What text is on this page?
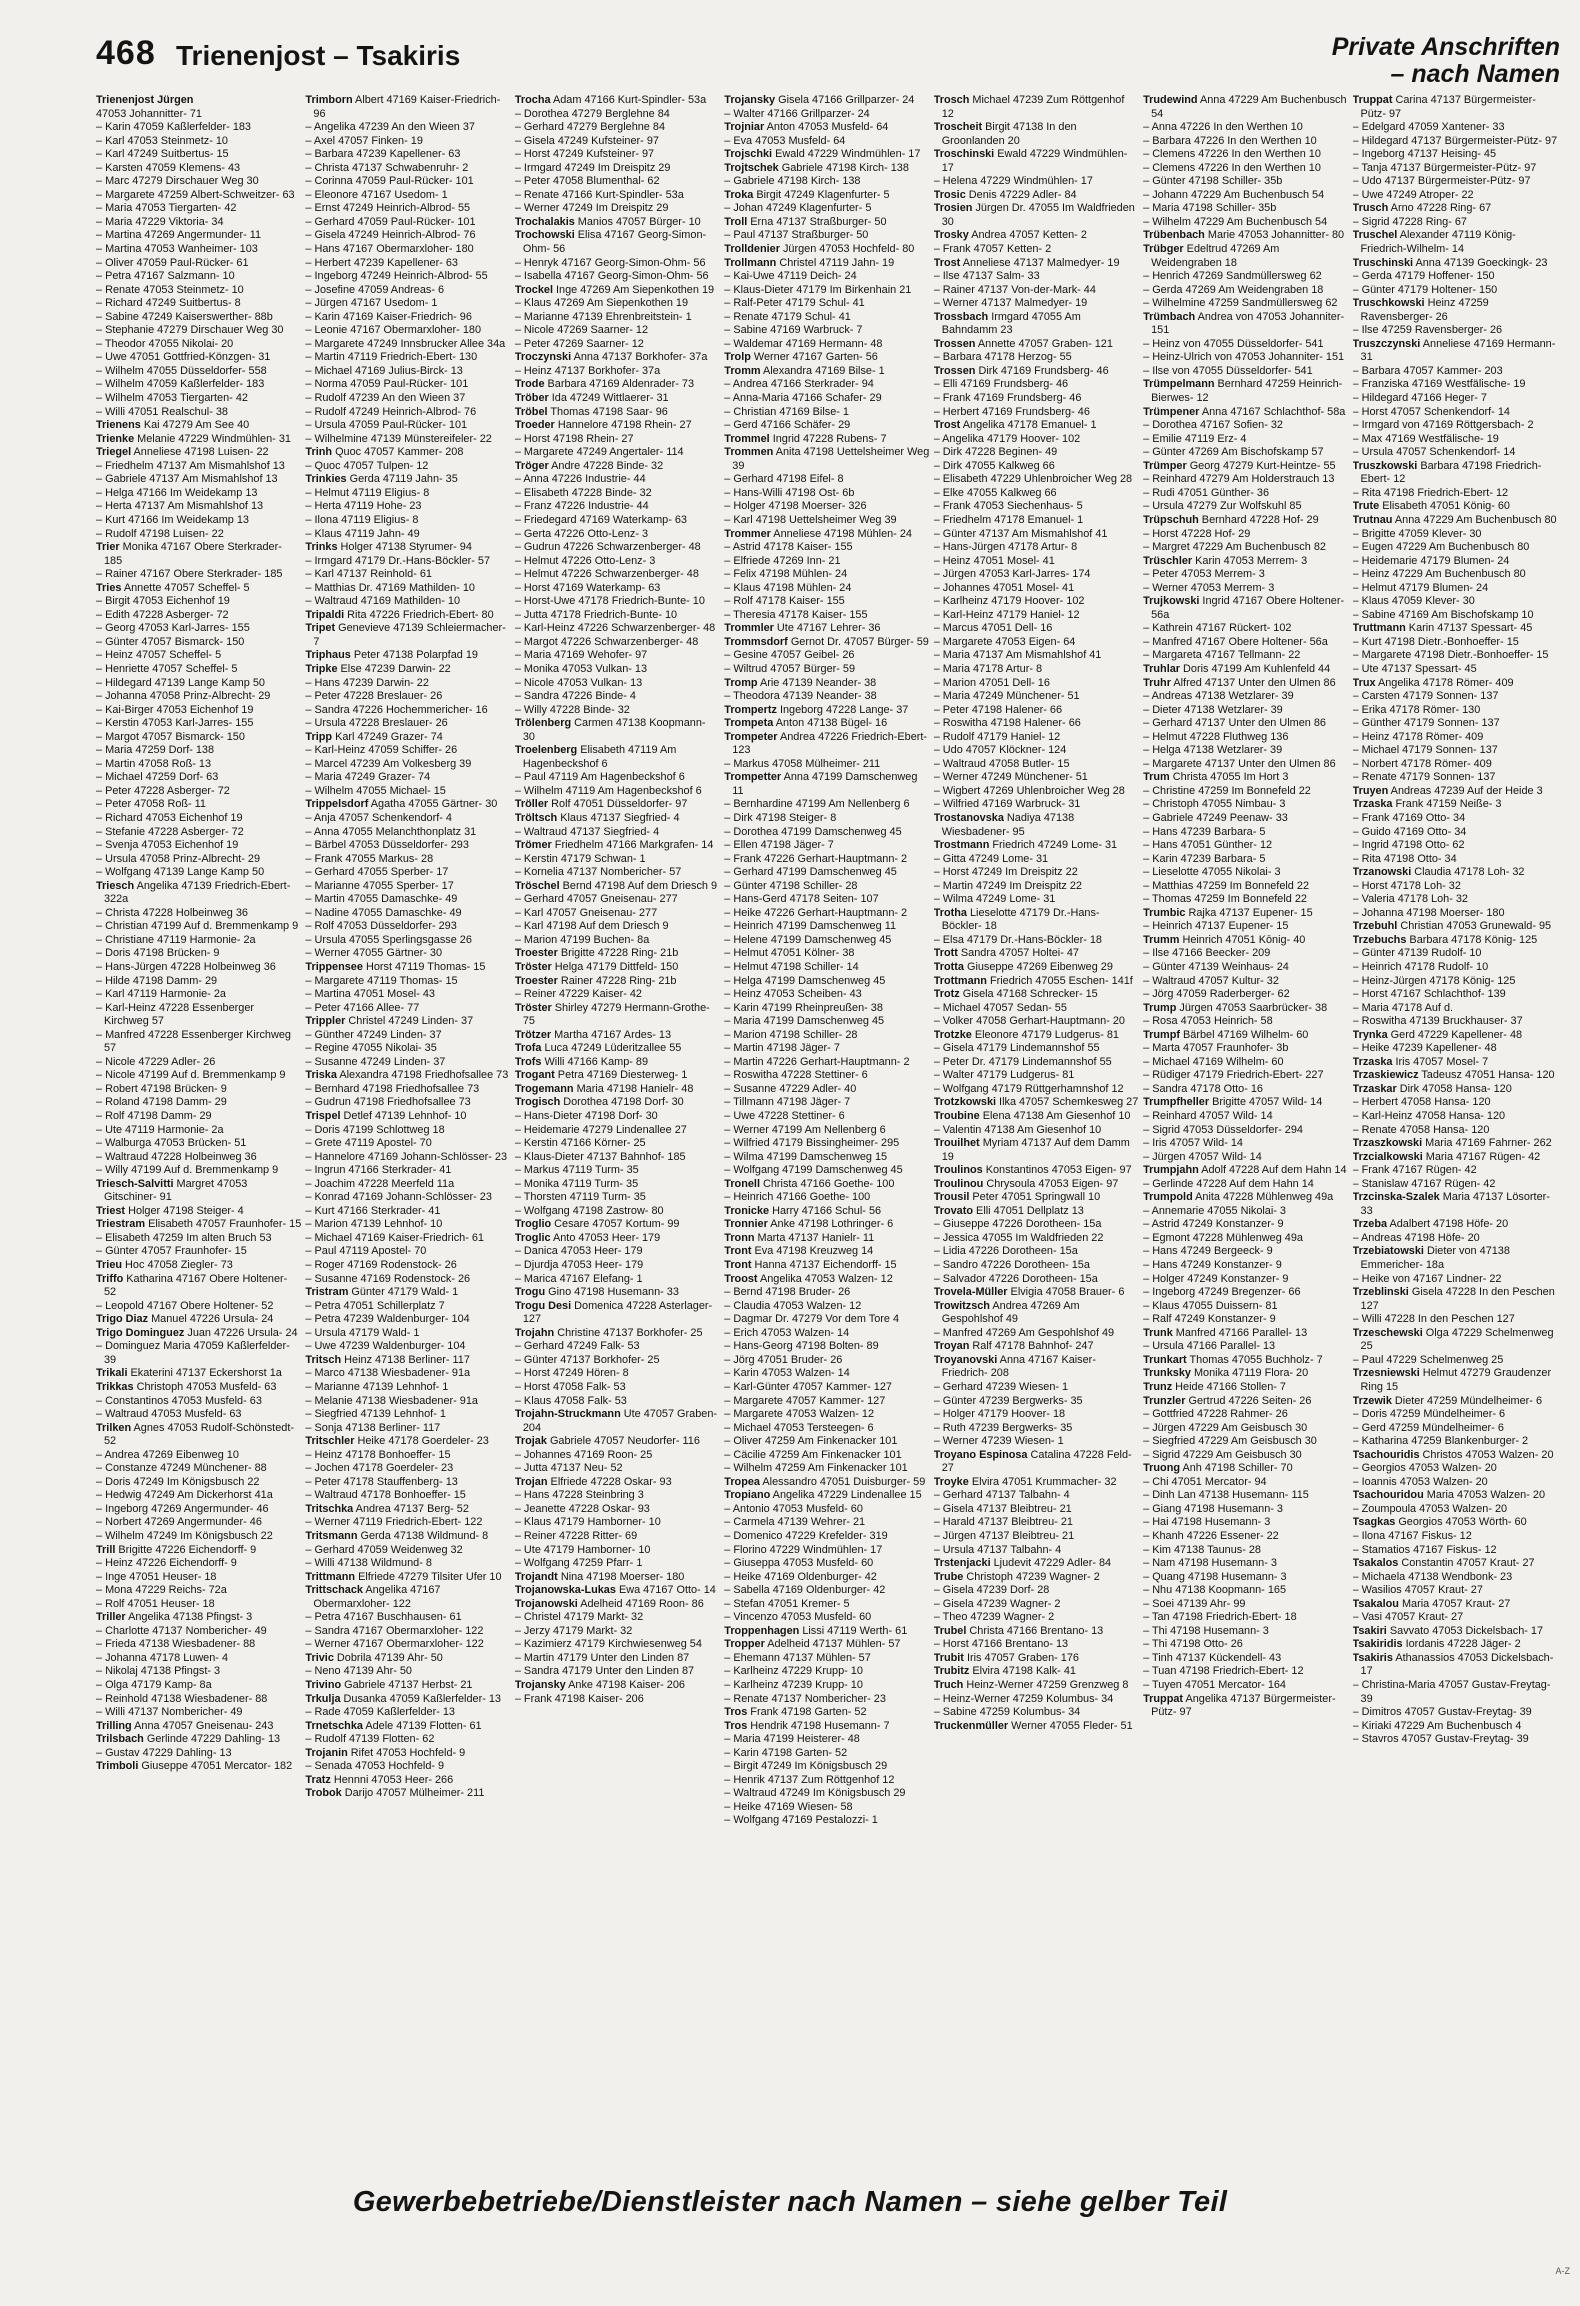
468 Trienenjost – Tsakiris	Private Anschriften
– nach Namen
Trienenjost Jürgen
47053 Johannitter- 71
– Karin 47059 Kaßlerfelder- 183
– Karl 47053 Steinmetz- 10
– Karl 47249 Suitbertus- 15
– Karsten 47059 Klemens- 43
– Marc 47279 Dirschauer Weg 30
– Margarete 47259 Albert-Schweitzer- 63
– Maria 47053 Tiergarten- 42
– Maria 47229 Viktoria- 34
– Martina 47269 Angermunder- 11
– Martina 47053 Wanheimer- 103
– Oliver 47059 Paul-Rücker- 61
– Petra 47167 Salzmann- 10
– Renate 47053 Steinmetz- 10
– Richard 47249 Suitbertus- 8
– Sabine 47249 Kaiserswerther- 88b
– Stephanie 47279 Dirschauer Weg 30
– Theodor 47055 Nikolai- 20
– Uwe 47051 Gottfried-Könzgen- 31
– Wilhelm 47055 Düsseldorfer- 558
– Wilhelm 47059 Kaßlerfelder- 183
– Wilhelm 47053 Tiergarten- 42
– Willi 47051 Realschul- 38
Trienens Kai 47279 Am See 40
Trienke Melanie 47229 Windmühlen- 31
Triegel Anneliese 47198 Luisen- 22
– Friedhelm 47137 Am Mismahlshof 13
– Gabriele 47137 Am Mismahlshof 13
– Helga 47166 Im Weidekamp 13
– Herta 47137 Am Mismahlshof 13
– Kurt 47166 Im Weidekamp 13
– Rudolf 47198 Luisen- 22
Trier Monika 47167 Obere Sterkrader- 185
– Rainer 47167 Obere Sterkrader- 185
Tries Annette 47057 Scheffel- 5
– Birgit 47053 Eichenhof 19
– Edith 47228 Asberger- 72
– Georg 47053 Karl-Jarres- 155
– Günter 47057 Bismarck- 150
– Heinz 47057 Scheffel- 5
– Henriette 47057 Scheffel- 5
– Hildegard 47139 Lange Kamp 50
– Johanna 47058 Prinz-Albrecht- 29
– Kai-Birger 47053 Eichenhof 19
– Kerstin 47053 Karl-Jarres- 155
– Margot 47057 Bismarck- 150
– Maria 47259 Dorf- 138
– Martin 47058 Roß- 13
– Michael 47259 Dorf- 63
– Peter 47228 Asberger- 72
– Peter 47058 Roß- 11
– Richard 47053 Eichenhof 19
– Stefanie 47228 Asberger- 72
– Svenja 47053 Eichenhof 19
– Ursula 47058 Prinz-Albrecht- 29
– Wolfgang 47139 Lange Kamp 50
Triesch Angelika 47139 Friedrich-Ebert- 322a
– Christa 47228 Holbeinweg 36
– Christian 47199 Auf d. Bremmenkamp 9
– Christiane 47119 Harmonie- 2a
– Doris 47198 Brücken- 9
– Hans-Jürgen 47228 Holbeinweg 36
– Hilde 47198 Damm- 29
– Karl 47119 Harmonie- 2a
– Karl-Heinz 47228 Essenberger Kirchweg 57
– Manfred 47228 Essenberger Kirchweg 57
– Nicole 47229 Adler- 26
– Nicole 47199 Auf d. Bremmenkamp 9
– Robert 47198 Brücken- 9
– Roland 47198 Damm- 29
– Rolf 47198 Damm- 29
– Ute 47119 Harmonie- 2a
– Walburga 47053 Brücken- 51
– Waltraud 47228 Holbeinweg 36
– Willy 47199 Auf d. Bremmenkamp 9
Triesch-Salvitti Margret 47053 Gitschiner- 91
Triest Holger 47198 Steiger- 4
Triestram Elisabeth 47057 Fraunhofer- 15
– Elisabeth 47259 Im alten Bruch 53
– Günter 47057 Fraunhofer- 15
Trieu Hoc 47058 Ziegler- 73
Triffo Katharina 47167 Obere Holtener- 52
– Leopold 47167 Obere Holtener- 52
Trigo Diaz Manuel 47226 Ursula- 24
Trigo Dominguez Juan 47226 Ursula- 24
– Dominguez Maria 47059 Kaßlerfelder- 39
Trikali Ekaterini 47137 Eckershorst 1a
Trikkas Christoph 47053 Musfeld- 63
– Constantinos 47053 Musfeld- 63
– Waltraud 47053 Musfeld- 63
Trilken Agnes 47053 Rudolf-Schönstedt- 52
– Andrea 47269 Eibenweg 10
– Constanze 47249 Münchener- 88
– Doris 47249 Im Königsbusch 22
– Hedwig 47249 Am Dickerhorst 41a
– Ingeborg 47269 Angermunder- 46
– Norbert 47269 Angermunder- 46
– Wilhelm 47249 Im Königsbusch 22
Trill Brigitte 47226 Eichendorff- 9
– Heinz 47226 Eichendorff- 9
– Inge 47051 Heuser- 18
– Mona 47229 Reichs- 72a
– Rolf 47051 Heuser- 18
Triller Angelika 47138 Pfingst- 3
– Charlotte 47137 Nombericher- 49
– Frieda 47138 Wiesbadener- 88
– Johanna 47178 Luwen- 4
– Nikolaj 47138 Pfingst- 3
– Olga 47179 Kamp- 8a
– Reinhold 47138 Wiesbadener- 88
– Willi 47137 Nombericher- 49
Trilling Anna 47057 Gneisenau- 243
Trilsbach Gerlinde 47229 Dahling- 13
– Gustav 47229 Dahling- 13
Trimboli Giuseppe 47051 Mercator- 182
Trimborn Albert 47169 Kaiser-Friedrich- 96
– Angelika 47239 An den Wieen 37
– Axel 47057 Finken- 19
– Barbara 47239 Kapellener- 63
– Christa 47137 Schwabenruhr- 2
– Corinna 47059 Paul-Rücker- 101
– Eleonore 47167 Usedom- 1
– Ernst 47249 Heinrich-Albrod- 55
– Gerhard 47059 Paul-Rücker- 101
– Gisela 47249 Heinrich-Albrod- 76
– Hans 47167 Obermarxloher- 180
– Herbert 47239 Kapellener- 63
– Ingeborg 47249 Heinrich-Albrod- 55
– Josefine 47059 Andreas- 6
– Jürgen 47167 Usedom- 1
– Karin 47169 Kaiser-Friedrich- 96
– Leonie 47167 Obermarxloher- 180
– Margarete 47249 Innsbrucker Allee 34a
– Martin 47119 Friedrich-Ebert- 130
– Michael 47169 Julius-Birck- 13
– Norma 47059 Paul-Rücker- 101
– Rudolf 47239 An den Wieen 37
– Rudolf 47249 Heinrich-Albrod- 76
– Ursula 47059 Paul-Rücker- 101
– Wilhelmine 47139 Münstereifeler- 22
Trinh Quoc 47057 Kammer- 208
– Quoc 47057 Tulpen- 12
Trinkies Gerda 47119 Jahn- 35
– Helmut 47119 Eligius- 8
– Herta 47119 Hohe- 23
– Ilona 47119 Eligius- 8
– Klaus 47119 Jahn- 49
Trinks Holger 47138 Styrumer- 94
– Irmgard 47179 Dr.-Hans-Böckler- 57
– Karl 47137 Reinhold- 61
– Matthias Dr. 47169 Mathilden- 10
– Waltraud 47169 Mathilden- 10
Tripaldi Rita 47226 Friedrich-Ebert- 80
Tripet Genevieve 47139 Schleiermacher- 7
Triphaus Peter 47138 Polarpfad 19
Tripke Else 47239 Darwin- 22
– Hans 47239 Darwin- 22
– Peter 47228 Breslauer- 26
– Sandra 47226 Hochemmericher- 16
– Ursula 47228 Breslauer- 26
Tripp Karl 47249 Grazer- 74
– Karl-Heinz 47059 Schiffer- 26
– Marcel 47239 Am Volkesberg 39
– Maria 47249 Grazer- 74
– Wilhelm 47055 Michael- 15
Trippelsdorf Agatha 47055 Gärtner- 30
– Anja 47057 Schenkendorf- 4
– Anna 47055 Melanchthonplatz 31
– Bärbel 47053 Düsseldorfer- 293
– Frank 47055 Markus- 28
– Gerhard 47055 Sperber- 17
– Marianne 47055 Sperber- 17
– Martin 47055 Damaschke- 49
– Nadine 47055 Damaschke- 49
– Rolf 47053 Düsseldorfer- 293
– Ursula 47055 Sperlingsgasse 26
– Werner 47055 Gärtner- 30
Trippensee Horst 47119 Thomas- 15
– Margarete 47119 Thomas- 15
– Martina 47051 Mosel- 43
– Peter 47166 Allee- 77
Trippler Christel 47249 Linden- 37
– Günther 47249 Linden- 37
– Regine 47055 Nikolai- 35
– Susanne 47249 Linden- 37
Triska Alexandra 47198 Friedhofsallee 73
– Bernhard 47198 Friedhofsallee 73
– Gudrun 47198 Friedhofsallee 73
Trispel Detlef 47139 Lehnhof- 10
– Doris 47199 Schlottweg 18
– Grete 47119 Apostel- 70
– Hannelore 47169 Johann-Schlösser- 23
– Ingrun 47166 Sterkrader- 41
– Joachim 47228 Meerfeld 11a
– Konrad 47169 Johann-Schlösser- 23
– Kurt 47166 Sterkrader- 41
– Marion 47139 Lehnhof- 10
– Michael 47169 Kaiser-Friedrich- 61
– Paul 47119 Apostel- 70
– Roger 47169 Rodenstock- 26
– Susanne 47169 Rodenstock- 26
Tristram Günter 47179 Wald- 1
– Petra 47051 Schillerplatz 7
– Petra 47239 Waldenburger- 104
– Ursula 47179 Wald- 1
– Uwe 47239 Waldenburger- 104
Tritsch Heinz 47138 Berliner- 117
– Marco 47138 Wiesbadener- 91a
– Marianne 47139 Lehnhof- 1
– Melanie 47138 Wiesbadener- 91a
– Siegfried 47139 Lehnhof- 1
– Sonja 47138 Berliner- 117
Tritschler Heike 47178 Goerdeler- 23
– Heinz 47178 Bonhoeffer- 15
– Jochen 47178 Goerdeler- 23
– Peter 47178 Stauffenberg- 13
– Waltraud 47178 Bonhoeffer- 15
Tritschka Andrea 47137 Berg- 52
– Werner 47119 Friedrich-Ebert- 122
Tritsmann Gerda 47138 Wildmund- 8
– Gerhard 47059 Weidenweg 32
– Willi 47138 Wildmund- 8
Trittmann Elfriede 47279 Tilsiter Ufer 10
Trittschack Angelika 47167 Obermarxloher- 122
– Petra 47167 Buschhausen- 61
– Sandra 47167 Obermarxloher- 122
– Werner 47167 Obermarxloher- 122
Trivic Dobrila 47139 Ahr- 50
– Neno 47139 Ahr- 50
Trivino Gabriele 47137 Herbst- 21
Trkulja Dusanka 47059 Kaßlerfelder- 13
– Rade 47059 Kaßlerfelder- 13
Trnetschka Adele 47139 Flotten- 61
– Rudolf 47139 Flotten- 62
Trojanin Rifet 47053 Hochfeld- 9
– Senada 47053 Hochfeld- 9
Tratz Hennni 47053 Heer- 266
Trobok Darijo 47057 Mülheimer- 211
Trocha Adam 47166 Kurt-Spindler- 53a
– Dorothea 47279 Berglehne 84
– Gerhard 47279 Berglehne 84
– Gisela 47249 Kufsteiner- 97
– Horst 47249 Kufsteiner- 97
– Irmgard 47249 Im Dreispitz 29
– Peter 47058 Blumenthal- 62
– Renate 47166 Kurt-Spindler- 53a
– Werner 47249 Im Dreispitz 29
Trochalakis Manios 47057 Bürger- 10
Trochowski Elisa 47167 Georg-Simon-Ohm- 56
– Henryk 47167 Georg-Simon-Ohm- 56
– Isabella 47167 Georg-Simon-Ohm- 56
Trockel Inge 47269 Am Siepenkothen 19
– Klaus 47269 Am Siepenkothen 19
– Marianne 47139 Ehrenbreitstein- 1
– Nicole 47269 Saarner- 12
– Peter 47269 Saarner- 12
Troczynski Anna 47137 Borkhofer- 37a
– Heinz 47137 Borkhofer- 37a
Trode Barbara 47169 Aldenrader- 73
Tröber Ida 47249 Wittlaerer- 31
Tröbel Thomas 47198 Saar- 96
Troeder Hannelore 47198 Rhein- 27
– Horst 47198 Rhein- 27
– Margarete 47249 Angertaler- 114
Tröger Andre 47228 Binde- 32
– Anna 47226 Industrie- 44
– Elisabeth 47228 Binde- 32
– Franz 47226 Industrie- 44
– Friedegard 47169 Waterkamp- 63
– Gerta 47226 Otto-Lenz- 3
– Gudrun 47226 Schwarzenberger- 48
– Helmut 47226 Otto-Lenz- 3
– Helmut 47226 Schwarzenberger- 48
– Horst 47169 Waterkamp- 63
– Horst-Uwe 47178 Friedrich-Bunte- 10
– Jutta 47178 Friedrich-Bunte- 10
– Karl-Heinz 47226 Schwarzenberger- 48
– Margot 47226 Schwarzenberger- 48
– Maria 47169 Wehofer- 97
– Monika 47053 Vulkan- 13
– Nicole 47053 Vulkan- 13
– Sandra 47226 Binde- 4
– Willy 47228 Binde- 32
Trölenberg Carmen 47138 Koopmann- 30
Troelenberg Elisabeth 47119 Am Hagenbeckshof 6
– Paul 47119 Am Hagenbeckshof 6
– Wilhelm 47119 Am Hagenbeckshof 6
Tröller Rolf 47051 Düsseldorfer- 97
Tröltsch Klaus 47137 Siegfried- 4
– Waltraud 47137 Siegfried- 4
Trömer Friedhelm 47166 Markgrafen- 14
– Kerstin 47179 Schwan- 1
– Kornelia 47137 Nombericher- 57
Tröschel Bernd 47198 Auf dem Driesch 9
– Gerhard 47057 Gneisenau- 277
– Karl 47057 Gneisenau- 277
– Karl 47198 Auf dem Driesch 9
– Marion 47199 Buchen- 8a
Troester Brigitte 47228 Ring- 21b
Tröster Helga 47179 Dittfeld- 150
Troester Rainer 47228 Ring- 21b
– Reiner 47229 Kaiser- 42
Tröster Shirley 47279 Hermann-Grothe- 75
Trötzer Martha 47167 Ardes- 13
Trofa Luca 47249 Lüderitzallee 55
Trofs Willi 47166 Kamp- 89
Trogant Petra 47169 Diesterweg- 1
Trogemann Maria 47198 Hanielr- 48
Trogisch Dorothea 47198 Dorf- 30
– Hans-Dieter 47198 Dorf- 30
– Heidemarie 47279 Lindenallee 27
– Kerstin 47166 Körner- 25
– Klaus-Dieter 47137 Bahnhof- 185
– Markus 47119 Turm- 35
– Monika 47119 Turm- 35
– Thorsten 47119 Turm- 35
– Wolfgang 47198 Zastrow- 80
Troglio Cesare 47057 Kortum- 99
Troglic Anto 47053 Heer- 179
– Danica 47053 Heer- 179
– Djurdja 47053 Heer- 179
– Marica 47167 Elefang- 1
Trogu Gino 47198 Husemann- 33
Trogu Desi Domenica 47228 Asterlager- 127
Trojahn Christine 47137 Borkhofer- 25
– Gerhard 47249 Falk- 53
– Günter 47137 Borkhofer- 25
– Horst 47249 Hören- 8
– Horst 47058 Falk- 53
– Klaus 47058 Falk- 53
Trojahn-Struckmann Ute 47057 Graben- 204
Trojak Gabriele 47057 Neudorfer- 116
– Johannes 47169 Roon- 25
– Jutta 47137 Neu- 52
Trojan Elfriede 47228 Oskar- 93
– Hans 47228 Steinbring 3
– Jeanette 47228 Oskar- 93
– Klaus 47179 Hamborner- 10
– Reiner 47228 Ritter- 69
– Ute 47179 Hamborner- 10
– Wolfgang 47259 Pfarr- 1
Trojandt Nina 47198 Moerser- 180
Trojanowska-Lukas Ewa 47167 Otto- 14
Trojanowski Adelheid 47169 Roon- 86
– Christel 47179 Markt- 32
– Jerzy 47179 Markt- 32
– Kazimierz 47179 Kirchwiesenweg 54
– Martin 47179 Unter den Linden 87
– Sandra 47179 Unter den Linden 87
Trojansky Anke 47198 Kaiser- 206
– Frank 47198 Kaiser- 206
Trojansky Gisela 47166 Grillparzer- 24
– Walter 47166 Grillparzer- 24
Trojniar Anton 47053 Musfeld- 64
– Eva 47053 Musfeld- 64
Trojschki Ewald 47229 Windmühlen- 17
Trojtschek Gabriele 47198 Kirch- 138
– Gabriele 47198 Kirch- 138
Troka Birgit 47249 Klagenfurter- 5
– Johan 47249 Klagenfurter- 5
Troll Erna 47137 Straßburger- 50
– Paul 47137 Straßburger- 50
Trolldenier Jürgen 47053 Hochfeld- 80
Trollmann Christel 47119 Jahn- 19
– Kai-Uwe 47119 Deich- 24
– Klaus-Dieter 47179 Im Birkenhain 21
– Ralf-Peter 47179 Schul- 41
– Renate 47179 Schul- 41
– Sabine 47169 Warbruck- 7
– Waldemar 47169 Hermann- 48
Trolp Werner 47167 Garten- 56
Tromm Alexandra 47169 Bilse- 1
– Andrea 47166 Sterkrader- 94
– Anna-Maria 47166 Schafer- 29
– Christian 47169 Bilse- 1
– Gerd 47166 Schäfer- 29
Trommel Ingrid 47228 Rubens- 7
Trommen Anita 47198 Uettelsheimer Weg 39
– Gerhard 47198 Eifel- 8
– Hans-Willi 47198 Ost- 6b
– Holger 47198 Moerser- 326
– Karl 47198 Uettelsheimer Weg 39
Trommer Anneliese 47198 Mühlen- 24
– Astrid 47178 Kaiser- 155
– Elfriede 47269 Inn- 21
– Felix 47198 Mühlen- 24
– Klaus 47198 Mühlen- 24
– Rolf 47178 Kaiser- 155
– Theresia 47178 Kaiser- 155
Trommler Ute 47167 Lehrer- 36
Trommsdorf Gernot Dr. 47057 Bürger- 59
– Gesine 47057 Geibel- 26
– Wiltrud 47057 Bürger- 59
Tromp Arie 47139 Neander- 38
– Theodora 47139 Neander- 38
Trompertz Ingeborg 47228 Lange- 37
Trompeta Anton 47138 Bügel- 16
Trompeter Andrea 47226 Friedrich-Ebert- 123
– Markus 47058 Mülheimer- 211
Trompetter Anna 47199 Damschenweg 11
– Bernhardine 47199 Am Nellenberg 6
– Dirk 47198 Steiger- 8
– Dorothea 47199 Damschenweg 45
– Ellen 47198 Jäger- 7
– Frank 47226 Gerhart-Hauptmann- 2
– Gerhard 47199 Damschenweg 45
– Günter 47198 Schiller- 28
– Hans-Gerd 47178 Seiten- 107
– Heike 47226 Gerhart-Hauptmann- 2
– Heinrich 47199 Damschenweg 11
– Helene 47199 Damschenweg 45
– Helmut 47051 Kölner- 38
– Helmut 47198 Schiller- 14
– Helga 47199 Damschenweg 45
– Heinz 47053 Scheiben- 43
– Karin 47199 Rheinpreußen- 38
– Maria 47199 Damschenweg 45
– Marion 47198 Schiller- 28
– Martin 47198 Jäger- 7
– Martin 47226 Gerhart-Hauptmann- 2
– Roswitha 47228 Stettiner- 6
– Susanne 47229 Adler- 40
– Tillmann 47198 Jäger- 7
– Uwe 47228 Stettiner- 6
– Werner 47199 Am Nellenberg 6
– Wilfried 47179 Bissingheimer- 295
– Wilma 47199 Damschenweg 15
– Wolfgang 47199 Damschenweg 45
Tronell Christa 47166 Goethe- 100
– Heinrich 47166 Goethe- 100
Tronicke Harry 47166 Schul- 56
Tronnier Anke 47198 Lothringer- 6
Tronn Marta 47137 Hanielr- 11
Tront Eva 47198 Kreuzweg 14
Tront Hanna 47137 Eichendorff- 15
Troost Angelika 47053 Walzen- 12
– Bernd 47198 Bruder- 26
– Claudia 47053 Walzen- 12
– Dagmar Dr. 47279 Vor dem Tore 4
– Erich 47053 Walzen- 14
– Hans-Georg 47198 Bolten- 89
– Jörg 47051 Bruder- 26
– Karin 47053 Walzen- 14
– Karl-Günter 47057 Kammer- 127
– Margarete 47057 Kammer- 127
– Margarete 47053 Walzen- 12
– Michael 47053 Tersteegen- 6
– Oliver 47259 Am Finkenacker 101
– Cäcilie 47259 Am Finkenacker 101
– Wilhelm 47259 Am Finkenacker 101
Tropea Alessandro 47051 Duisburger- 59
Tropiano Angelika 47229 Lindenallee 15
– Antonio 47053 Musfeld- 60
– Carmela 47139 Wehrer- 21
– Domenico 47229 Krefelder- 319
– Florino 47229 Windmühlen- 17
– Giuseppa 47053 Musfeld- 60
– Heike 47169 Oldenburger- 42
– Sabella 47169 Oldenburger- 42
– Stefan 47051 Kremer- 5
– Vincenzo 47053 Musfeld- 60
Troppenhagen Lissi 47119 Werth- 61
Tropper Adelheid 47137 Mühlen- 57
– Ehemann 47137 Mühlen- 57
– Karlheinz 47229 Krupp- 10
– Karlheinz 47239 Krupp- 10
– Renate 47137 Nombericher- 23
Tros Frank 47198 Garten- 52
Tros Hendrik 47198 Husemann- 7
– Maria 47199 Heisterer- 48
– Karin 47198 Garten- 52
– Birgit 47249 Im Königsbusch 29
– Henrik 47137 Zum Röttgenhof 12
– Waltraud 47249 Im Königsbusch 29
– Heike 47169 Wiesen- 58
– Wolfgang 47169 Pestalozzi- 1
Trosch Michael 47239 Zum Röttgenhof 12
Troscheit Birgit 47138 In den Groonlanden 20
Troschinski Ewald 47229 Windmühlen- 17
– Helena 47229 Windmühlen- 17
Trosic Denis 47229 Adler- 84
Trosien Jürgen Dr. 47055 Im Waldfrieden 30
Trosky Andrea 47057 Ketten- 2
– Frank 47057 Ketten- 2
Trost Anneliese 47137 Malmedyer- 19
– Ilse 47137 Salm- 33
– Rainer 47137 Von-der-Mark- 44
– Werner 47137 Malmedyer- 19
Trossbach Irmgard 47055 Am Bahndamm 23
Trossen Annette 47057 Graben- 121
– Barbara 47178 Herzog- 55
Trossen Dirk 47169 Frundsberg- 46
– Elli 47169 Frundsberg- 46
– Frank 47169 Frundsberg- 46
– Herbert 47169 Frundsberg- 46
Trost Angelika 47178 Emanuel- 1
– Angelika 47179 Hoover- 102
– Dirk 47228 Beginen- 49
– Dirk 47055 Kalkweg 66
– Elisabeth 47229 Uhlenbroicher Weg 28
– Elke 47055 Kalkweg 66
– Frank 47053 Siechenhaus- 5
– Friedhelm 47178 Emanuel- 1
– Günter 47137 Am Mismahlshof 41
– Hans-Jürgen 47178 Artur- 8
– Heinz 47051 Mosel- 41
– Jürgen 47053 Karl-Jarres- 174
– Johannes 47051 Mosel- 41
– Karlheinz 47179 Hoover- 102
– Karl-Heinz 47179 Haniel- 12
– Marcus 47051 Dell- 16
– Margarete 47053 Eigen- 64
– Maria 47137 Am Mismahlshof 41
– Maria 47178 Artur- 8
– Marion 47051 Dell- 16
– Maria 47249 Münchener- 51
– Peter 47198 Halener- 66
– Roswitha 47198 Halener- 66
– Rudolf 47179 Haniel- 12
– Udo 47057 Klöckner- 124
– Waltraud 47058 Butler- 15
– Werner 47249 Münchener- 51
– Wigbert 47269 Uhlenbroicher Weg 28
– Wilfried 47169 Warbruck- 31
Trostanovska Nadiya 47138 Wiesbadener- 95
Trostmann Friedrich 47249 Lome- 31
– Gitta 47249 Lome- 31
– Horst 47249 Im Dreispitz 22
– Martin 47249 Im Dreispitz 22
– Wilma 47249 Lome- 31
Trotha Lieselotte 47179 Dr.-Hans-Böckler- 18
– Elsa 47179 Dr.-Hans-Böckler- 18
Trott Sandra 47057 Holtei- 47
Trotta Giuseppe 47269 Eibenweg 29
Trottmann Friedrich 47055 Eschen- 141f
Trotz Gisela 47168 Schrecker- 15
– Michael 47057 Sedan- 55
– Volker 47058 Gerhart-Hauptmann- 20
Trotzke Eleonore 47179 Ludgerus- 81
– Gisela 47179 Lindemannshof 55
– Peter Dr. 47179 Lindemannshof 55
– Walter 47179 Ludgerus- 81
– Wolfgang 47179 Rüttgerhamnshof 12
Trotzkowski Ilka 47057 Schemkesweg 27
Troubine Elena 47138 Am Giesenhof 10
– Valentin 47138 Am Giesenhof 10
Trouilhet Myriam 47137 Auf dem Damm 19
Troulinos Konstantinos 47053 Eigen- 97
Troulinou Chrysoula 47053 Eigen- 97
Trousil Peter 47051 Springwall 10
Trovato Elli 47051 Dellplatz 13
– Giuseppe 47226 Dorotheen- 15a
– Jessica 47055 Im Waldfrieden 22
– Lidia 47226 Dorotheen- 15a
– Sandro 47226 Dorotheen- 15a
– Salvador 47226 Dorotheen- 15a
Trovela-Müller Elvigia 47058 Brauer- 6
Trowitzsch Andrea 47269 Am Gespohlshof 49
– Manfred 47269 Am Gespohlshof 49
Troyan Ralf 47178 Bahnhof- 247
Troyanovski Anna 47167 Kaiser-Friedrich- 208
– Gerhard 47239 Wiesen- 1
– Günter 47239 Bergwerks- 35
– Holger 47179 Hoover- 18
– Ruth 47239 Bergwerks- 35
– Werner 47239 Wiesen- 1
Troyano Espinosa Catalina 47228 Feld- 27
Troyke Elvira 47051 Krummacher- 32
– Gerhard 47137 Talbahn- 4
– Gisela 47137 Bleibtreu- 21
– Harald 47137 Bleibtreu- 21
– Jürgen 47137 Bleibtreu- 21
– Ursula 47137 Talbahn- 4
Trstenjacki Ljudevit 47229 Adler- 84
Trube Christoph 47239 Wagner- 2
– Gisela 47239 Dorf- 28
– Gisela 47239 Wagner- 2
– Theo 47239 Wagner- 2
Trubel Christa 47166 Brentano- 13
– Horst 47166 Brentano- 13
Trubit Iris 47057 Graben- 176
Trubitz Elvira 47198 Kalk- 41
Truch Heinz-Werner 47259 Grenzweg 8
– Heinz-Werner 47259 Kolumbus- 34
– Sabine 47259 Kolumbus- 34
Truckenmüller Werner 47055 Fleder- 51
Trudewind Anna 47229 Am Buchenbusch 54
– Anna 47226 In den Werthen 10
– Barbara 47226 In den Werthen 10
– Clemens 47226 In den Werthen 10
– Clemens 47226 In den Werthen 10
– Günter 47198 Schiller- 35b
– Johann 47229 Am Buchenbusch 54
– Maria 47198 Schiller- 35b
– Wilhelm 47229 Am Buchenbusch 54
Trübenbach Marie 47053 Johannitter- 80
Trübger Edeltrud 47269 Am Weidengraben 18
– Henrich 47269 Sandmüllersweg 62
– Gerda 47269 Am Weidengraben 18
– Wilhelmine 47259 Sandmüllersweg 62
Trümbach Andrea von 47053 Johanniter- 151
– Heinz von 47055 Düsseldorfer- 541
– Heinz-Ulrich von 47053 Johanniter- 151
– Ilse von 47055 Düsseldorfer- 541
Trümpelmann Bernhard 47259 Heinrich-Bierwes- 12
Trümpener Anna 47167 Schlachthof- 58a
– Dorothea 47167 Sofien- 32
– Emilie 47119 Erz- 4
– Günter 47269 Am Bischofskamp 57
Trümper Georg 47279 Kurt-Heintze- 55
– Reinhard 47279 Am Holderstrauch 13
– Rudi 47051 Günther- 36
– Ursula 47279 Zur Wolfskuhl 85
Trüpschuh Bernhard 47228 Hof- 29
– Horst 47228 Hof- 29
– Margret 47229 Am Buchenbusch 82
Trüschler Karin 47053 Merrem- 3
– Peter 47053 Merrem- 3
– Werner 47053 Merrem- 3
Trujkowski Ingrid 47167 Obere Holtener- 56a
– Kathrein 47167 Rückert- 102
– Manfred 47167 Obere Holtener- 56a
– Margareta 47167 Tellmann- 22
Truhlar Doris 47199 Am Kuhlenfeld 44
Truhr Alfred 47137 Unter den Ulmen 86
– Andreas 47138 Wetzlarer- 39
– Dieter 47138 Wetzlarer- 39
– Gerhard 47137 Unter den Ulmen 86
– Helmut 47228 Fluthweg 136
– Helga 47138 Wetzlarer- 39
– Margarete 47137 Unter den Ulmen 86
Trum Christa 47055 Im Hort 3
– Christine 47259 Im Bonnefeld 22
– Christoph 47055 Nimbau- 3
– Gabriele 47249 Peenaw- 33
– Hans 47239 Barbara- 5
– Hans 47051 Günther- 12
– Karin 47239 Barbara- 5
– Lieselotte 47055 Nikolai- 3
– Matthias 47259 Im Bonnefeld 22
– Thomas 47259 Im Bonnefeld 22
Trumbic Rajka 47137 Eupener- 15
– Heinrich 47137 Eupener- 15
Trumm Heinrich 47051 Kōnig- 40
– Ilse 47166 Beecker- 209
– Günter 47139 Weinhaus- 24
– Waltraud 47057 Kultur- 32
– Jörg 47059 Raderberger- 62
Trump Jürgen 47053 Saarbrücker- 38
– Rosa 47053 Heinrich- 58
Trumpf Bärbel 47169 Wilhelm- 60
– Marta 47057 Fraunhofer- 3b
– Michael 47169 Wilhelm- 60
– Rüdiger 47179 Friedrich-Ebert- 227
– Sandra 47178 Otto- 16
Trumpfheller Brigitte 47057 Wild- 14
– Reinhard 47057 Wild- 14
– Sigrid 47053 Düsseldorfer- 294
– Iris 47057 Wild- 14
– Jürgen 47057 Wild- 14
Trumpjahn Adolf 47228 Auf dem Hahn 14
– Gerlinde 47228 Auf dem Hahn 14
Trumpold Anita 47228 Mühlenweg 49a
– Annemarie 47055 Nikolai- 3
– Astrid 47249 Konstanzer- 9
– Egmont 47228 Mühlenweg 49a
– Hans 47249 Bergeeck- 9
– Hans 47249 Konstanzer- 9
– Holger 47249 Konstanzer- 9
– Ingeborg 47249 Bregenzer- 66
– Klaus 47055 Duissern- 81
– Ralf 47249 Konstanzer- 9
Trunk Manfred 47166 Parallel- 13
– Ursula 47166 Parallel- 13
Trunkart Thomas 47055 Buchholz- 7
Trunksky Monika 47119 Flora- 20
Trunz Heide 47166 Stollen- 7
Trunzler Gertrud 47226 Seiten- 26
– Gottfried 47228 Rahmer- 26
– Jürgen 47229 Am Geisbusch 30
– Siegfried 47229 Am Geisbusch 30
– Sigrid 47229 Am Geisbusch 30
Truong Anh 47198 Schiller- 70
– Chi 47051 Mercator- 94
– Dinh Lan 47138 Husemann- 115
– Giang 47198 Husemann- 3
– Hai 47198 Husemann- 3
– Khanh 47226 Essener- 22
– Kim 47138 Taunus- 28
– Nam 47198 Husemann- 3
– Quang 47198 Husemann- 3
– Nhu 47138 Koopmann- 165
– Soei 47139 Ahr- 99
– Tan 47198 Friedrich-Ebert- 18
– Thi 47198 Husemann- 3
– Thi 47198 Otto- 26
– Tinh 47137 Kückendell- 43
– Tuan 47198 Friedrich-Ebert- 12
– Tuyen 47051 Mercator- 164
Truppat Angelika 47137 Bürgermeister-Pütz- 97
Truppat Carina 47137 Bürgermeister-Pütz- 97
– Edelgard 47059 Xantener- 33
– Hildegard 47137 Bürgermeister-Pütz- 97
– Ingeborg 47137 Heising- 45
– Tanja 47137 Bürgermeister-Pütz- 97
– Udo 47137 Bürgermeister-Pütz- 97
– Uwe 47249 Atroper- 22
Trusch Arno 47228 Ring- 67
– Sigrid 47228 Ring- 67
Truschel Alexander 47119 König-Friedrich-Wilhelm- 14
Truschinski Anna 47139 Goeckingk- 23
– Gerda 47179 Hoffener- 150
– Günter 47179 Holtener- 150
Truschkowski Heinz 47259 Ravensberger- 26
– Ilse 47259 Ravensberger- 26
Truszczynski Anneliese 47169 Hermann- 31
– Barbara 47057 Kammer- 203
– Franziska 47169 Westfälische- 19
– Hildegard 47166 Heger- 7
– Horst 47057 Schenkendorf- 14
– Irmgard von 47169 Röttgersbach- 2
– Max 47169 Westfälische- 19
– Ursula 47057 Schenkendorf- 14
Truszkowski Barbara 47198 Friedrich-Ebert- 12
– Rita 47198 Friedrich-Ebert- 12
Trute Elisabeth 47051 König- 60
Trutnau Anna 47229 Am Buchenbusch 80
– Brigitte 47059 Klever- 30
– Eugen 47229 Am Buchenbusch 80
– Heidemarie 47179 Blumen- 24
– Heinz 47229 Am Buchenbusch 80
– Helmut 47179 Blumen- 24
– Klaus 47059 Klever- 30
– Sabine 47169 Am Bischofskamp 10
Truttmann Karin 47137 Spessart- 45
– Kurt 47198 Dietr.-Bonhoeffer- 15
– Margarete 47198 Dietr.-Bonhoeffer- 15
– Ute 47137 Spessart- 45
Trux Angelika 47178 Römer- 409
– Carsten 47179 Sonnen- 137
– Erika 47178 Römer- 130
– Günther 47179 Sonnen- 137
– Heinz 47178 Römer- 409
– Michael 47179 Sonnen- 137
– Norbert 47178 Römer- 409
– Renate 47179 Sonnen- 137
Truyen Andreas 47239 Auf der Heide 3
Trzaska Frank 47159 Neiße- 3
– Frank 47169 Otto- 34
– Guido 47169 Otto- 34
– Ingrid 47198 Otto- 62
– Rita 47198 Otto- 34
Trzanowski Claudia 47178 Loh- 32
– Horst 47178 Loh- 32
– Valeria 47178 Loh- 32
– Johanna 47198 Moerser- 180
Trzebuhl Christian 47053 Grunewald- 95
Trzebuchs Barbara 47178 König- 125
– Günter 47139 Rudolf- 10
– Heinrich 47178 Rudolf- 10
– Heinz-Jürgen 47178 König- 125
– Horst 47167 Schlachthof- 139
– Maria 47178 Auf d.
– Roswitha 47139 Bruckhauser- 37
Trynka Gerd 47229 Kapellener- 48
– Heike 47239 Kapellener- 48
Trzaska Iris 47057 Mosel- 7
Trzaskiewicz Tadeusz 47051 Hansa- 120
Trzaskar Dirk 47058 Hansa- 120
– Herbert 47058 Hansa- 120
– Karl-Heinz 47058 Hansa- 120
– Renate 47058 Hansa- 120
Trzaszkowski Maria 47169 Fahrner- 262
Trzcialkowski Maria 47167 Rügen- 42
– Frank 47167 Rügen- 42
– Stanislaw 47167 Rügen- 42
Trzcinska-Szalek Maria 47137 Lösorter- 33
Trzeba Adalbert 47198 Höfe- 20
– Andreas 47198 Höfe- 20
Trzebiatowski Dieter von 47138 Emmericher- 18a
– Heike von 47167 Lindner- 22
Trzeblinski Gisela 47228 In den Peschen 127
– Willi 47228 In den Peschen 127
Trzeschewski Olga 47229 Schelmenweg 25
– Paul 47229 Schelmenweg 25
Trzesniewski Helmut 47279 Graudenzer Ring 15
Trzewik Dieter 47259 Mündelheimer- 6
– Doris 47259 Mündelheimer- 6
– Gerd 47259 Mündelheimer- 6
– Katharina 47259 Blankenburger- 2
Tsachouridis Christos 47053 Walzen- 20
– Georgios 47053 Walzen- 20
– Ioannis 47053 Walzen- 20
Tsachouridou Maria 47053 Walzen- 20
– Zoumpoula 47053 Walzen- 20
Tsagkas Georgios 47053 Wörth- 60
– Ilona 47167 Fiskus- 12
– Stamatios 47167 Fiskus- 12
Tsakalos Constantin 47057 Kraut- 27
– Michaela 47138 Wendbonk- 23
– Wasilios 47057 Kraut- 27
Tsakalou Maria 47057 Kraut- 27
– Vasi 47057 Kraut- 27
Tsakiri Savvato 47053 Dickelsbach- 17
Tsakiridis Iordanis 47228 Jäger- 2
Tsakiris Athanassios 47053 Dickelsbach- 17
– Christina-Maria 47057 Gustav-Freytag- 39
– Dimitros 47057 Gustav-Freytag- 39
– Kiriaki 47229 Am Buchenbusch 4
– Stavros 47057 Gustav-Freytag- 39
Gewerbebetriebe/Dienstleister nach Namen – siehe gelber Teil
A-Z
